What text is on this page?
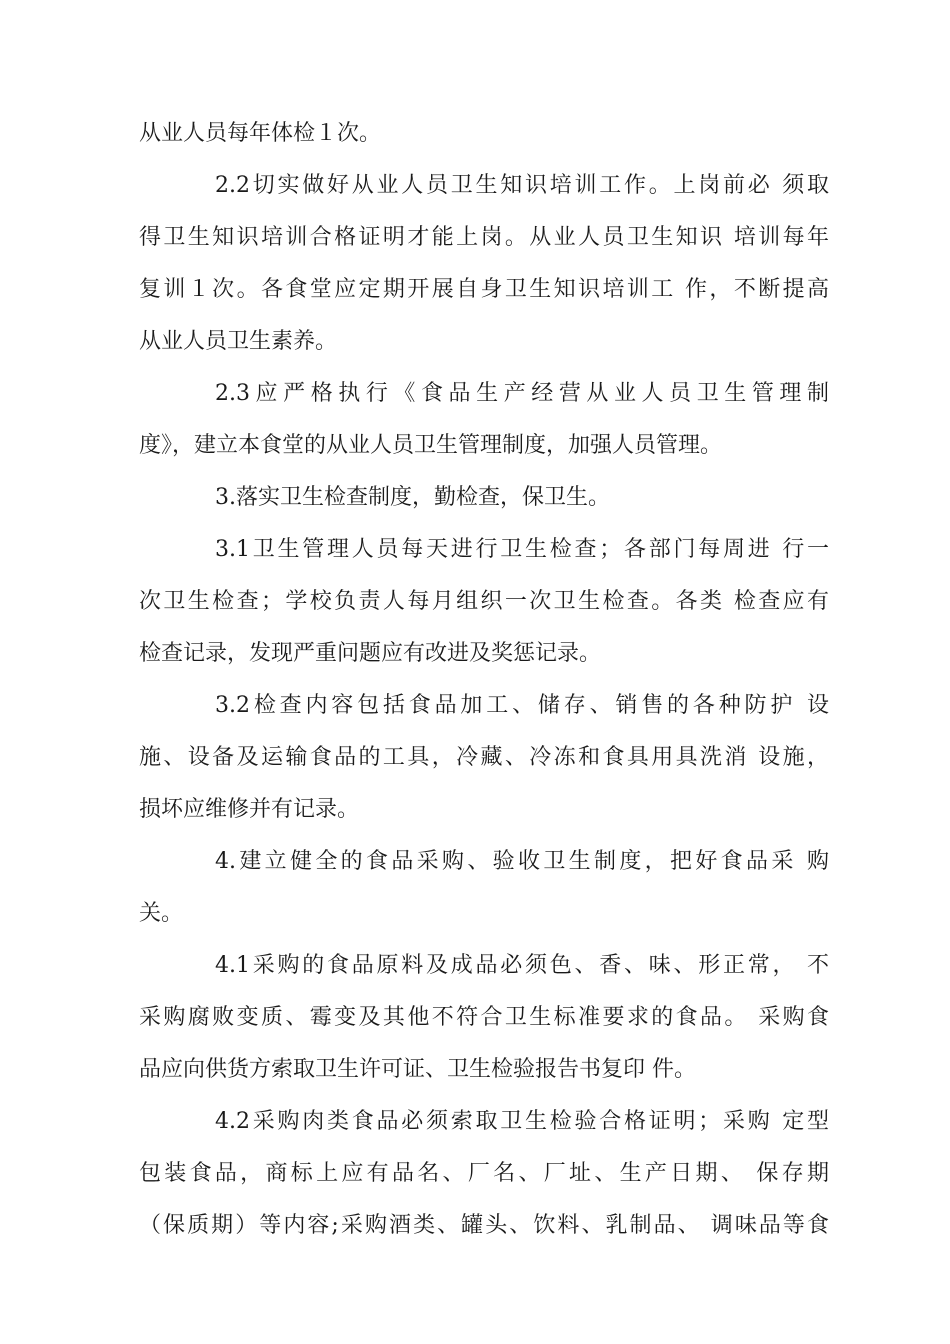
从业人员每年体检１次。
2.2切实做好从业人员卫生知识培训工作。上岗前必 须取
得卫生知识培训合格证明才能上岗。从业人员卫生知识 培训每年
复训１次。各食堂应定期开展自身卫生知识培训工 作，不断提高
从业人员卫生素养。
2.3应严格执行《食品生产经营从业人员卫生管理制
度》，建立本食堂的从业人员卫生管理制度，加强人员管理。
3.落实卫生检查制度，勤检查，保卫生。
3.1卫生管理人员每天进行卫生检查；各部门每周进 行一
次卫生检查；学校负责人每月组织一次卫生检查。各类 检查应有
检查记录，发现严重问题应有改进及奖惩记录。
3.2检查内容包括食品加工、储存、销售的各种防护 设
施、设备及运输食品的工具，冷藏、冷冻和食具用具洗消 设施，
损坏应维修并有记录。
4.建立健全的食品采购、验收卫生制度，把好食品采 购
关。
4.1采购的食品原料及成品必须色、香、味、形正常， 不
采购腐败变质、霉变及其他不符合卫生标准要求的食品。 采购食
品应向供货方索取卫生许可证、卫生检验报告书复印 件。
4.2采购肉类食品必须索取卫生检验合格证明；采购 定型
包装食品，商标上应有品名、厂名、厂址、生产日期、 保存期
（保质期）等内容;采购酒类、罐头、饮料、乳制品、 调味品等食
